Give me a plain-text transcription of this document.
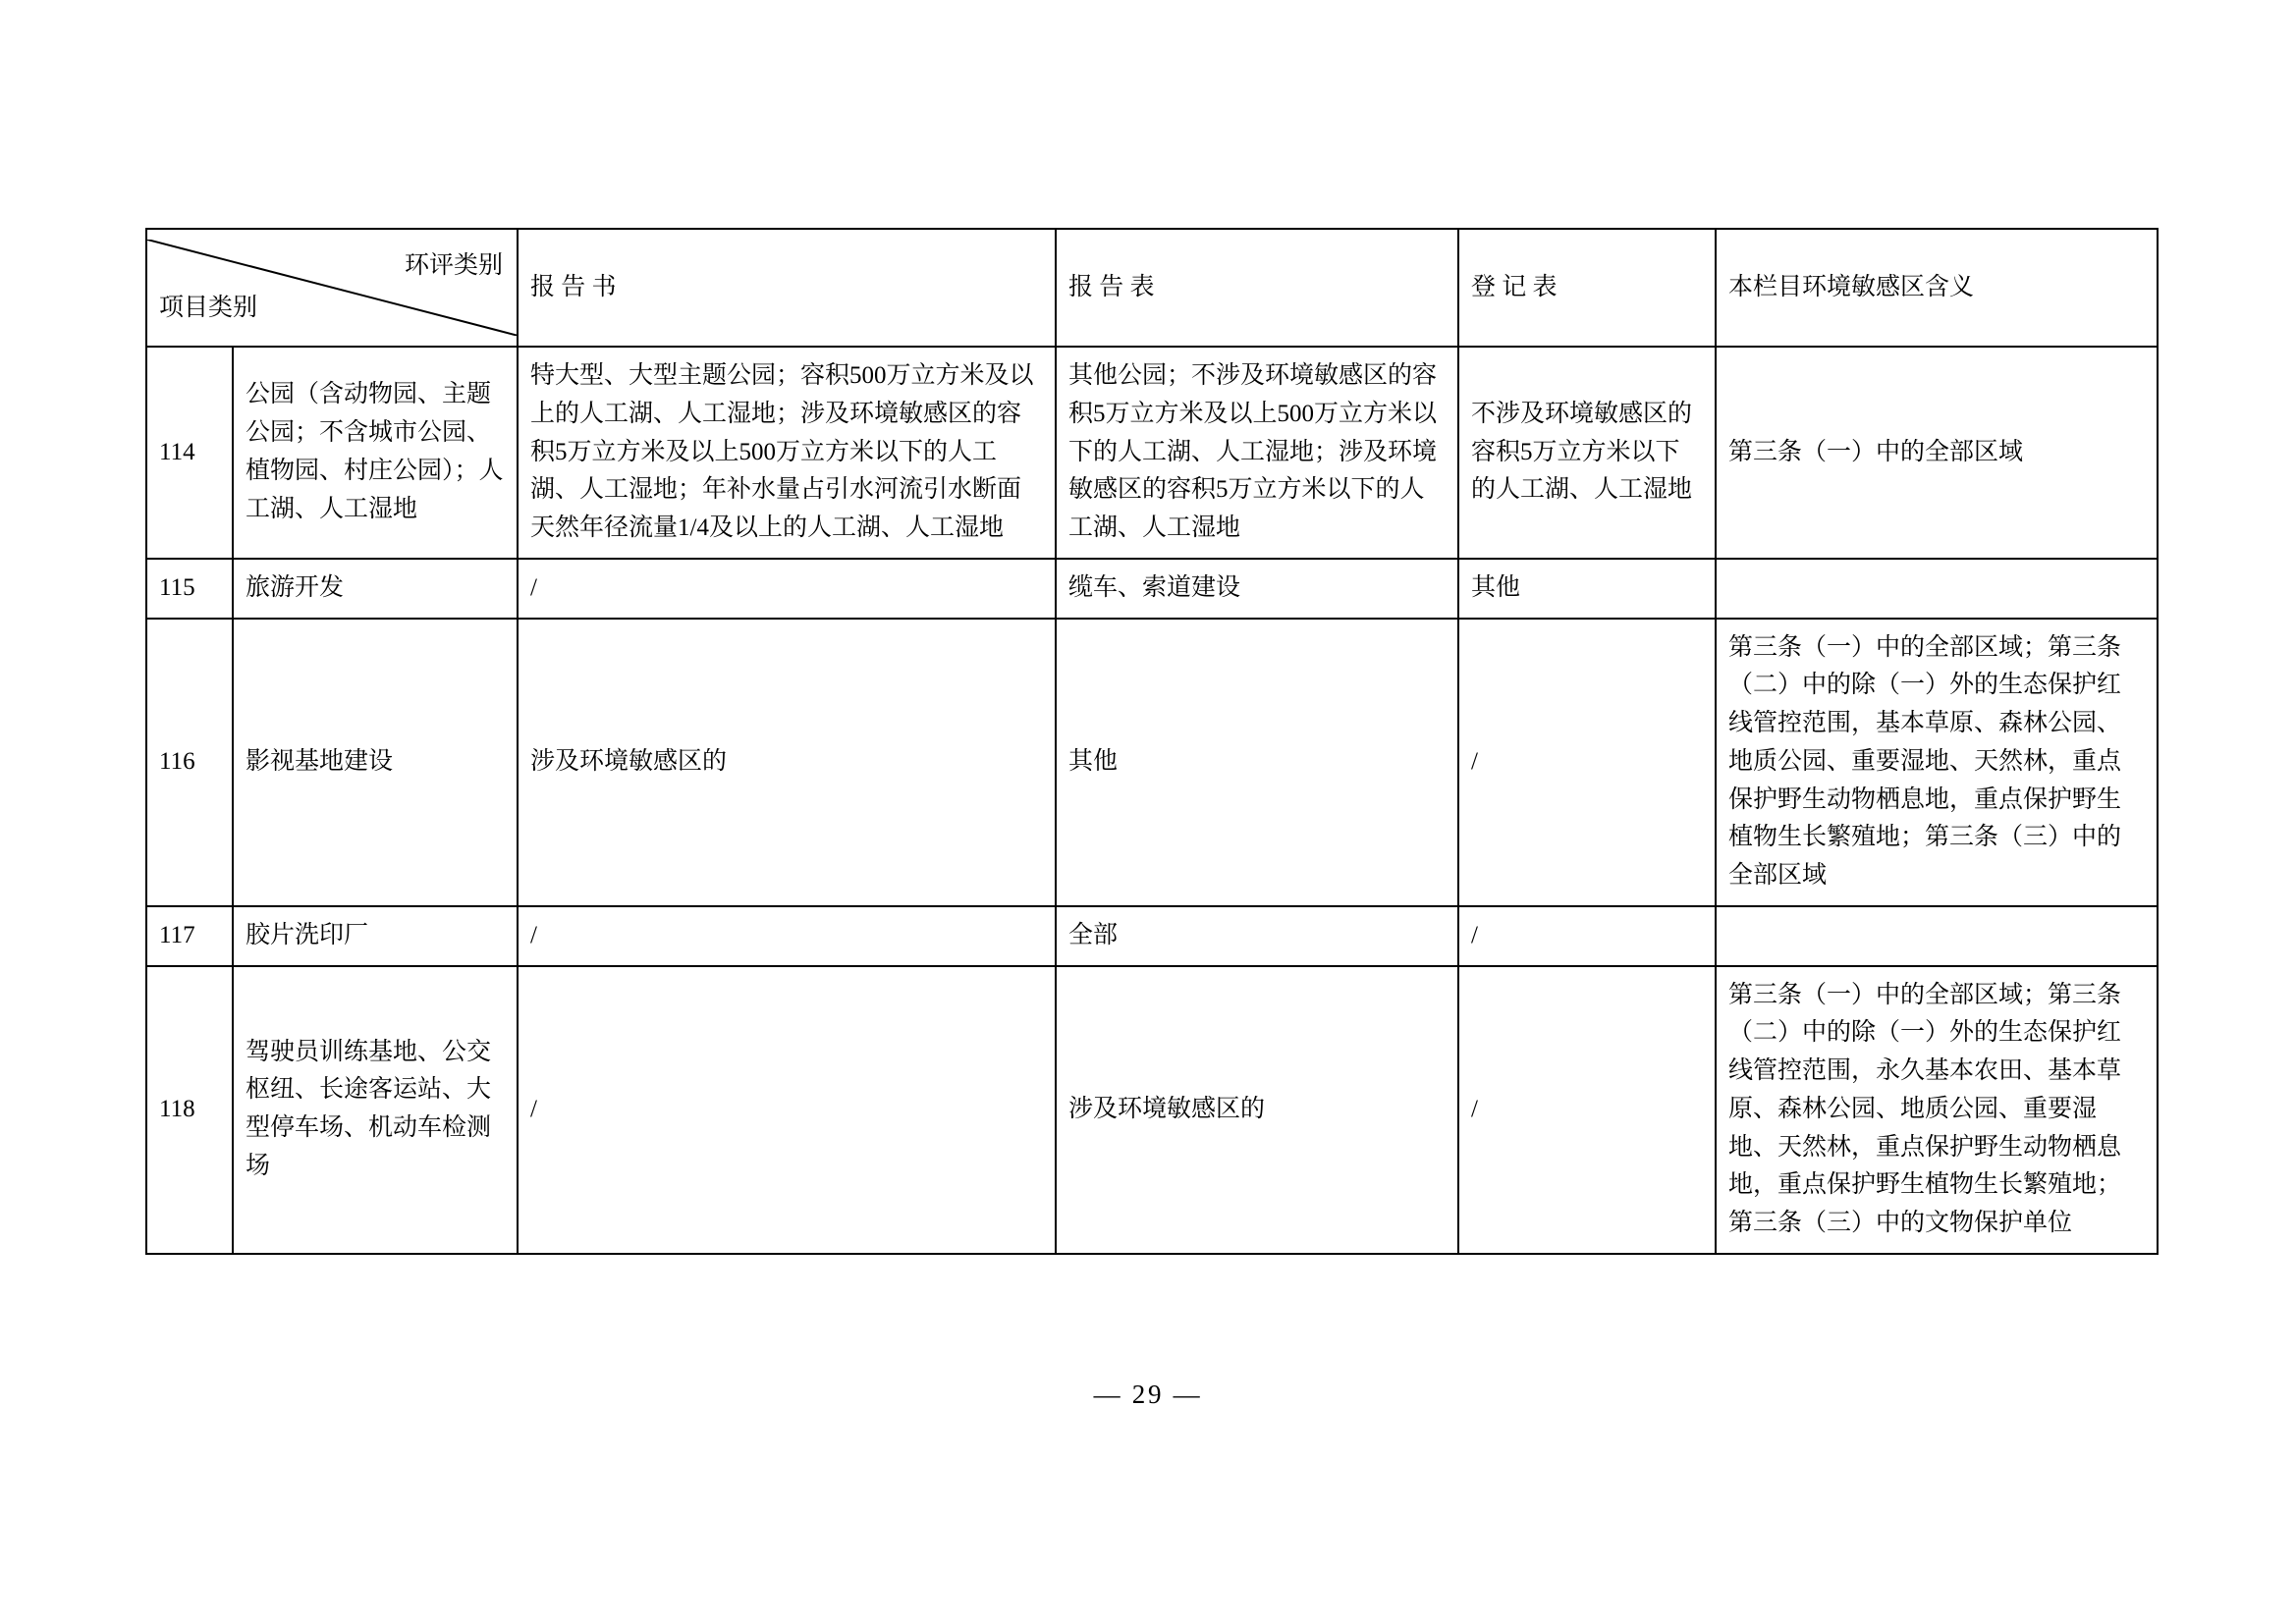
环评类别
项目类别		报 告 书	报 告 表	登 记 表	本栏目环境敏感区含义
114	公园（含动物园、主题公园；不含城市公园、植物园、村庄公园）；人工湖、人工湿地	特大型、大型主题公园；容积500万立方米及以上的人工湖、人工湿地；涉及环境敏感区的容积5万立方米及以上500万立方米以下的人工湖、人工湿地；年补水量占引水河流引水断面天然年径流量1/4及以上的人工湖、人工湿地	其他公园；不涉及环境敏感区的容积5万立方米及以上500万立方米以下的人工湖、人工湿地；涉及环境敏感区的容积5万立方米以下的人工湖、人工湿地	不涉及环境敏感区的容积5万立方米以下的人工湖、人工湿地	第三条（一）中的全部区域
115	旅游开发	/	缆车、索道建设	其他	
116	影视基地建设	涉及环境敏感区的	其他	/	第三条（一）中的全部区域；第三条（二）中的除（一）外的生态保护红线管控范围，基本草原、森林公园、地质公园、重要湿地、天然林，重点保护野生动物栖息地，重点保护野生植物生长繁殖地；第三条（三）中的全部区域
117	胶片洗印厂	/	全部	/	
118	驾驶员训练基地、公交枢纽、长途客运站、大型停车场、机动车检测场	/	涉及环境敏感区的	/	第三条（一）中的全部区域；第三条（二）中的除（一）外的生态保护红线管控范围，永久基本农田、基本草原、森林公园、地质公园、重要湿地、天然林，重点保护野生动物栖息地，重点保护野生植物生长繁殖地；第三条（三）中的文物保护单位
— 29 —
